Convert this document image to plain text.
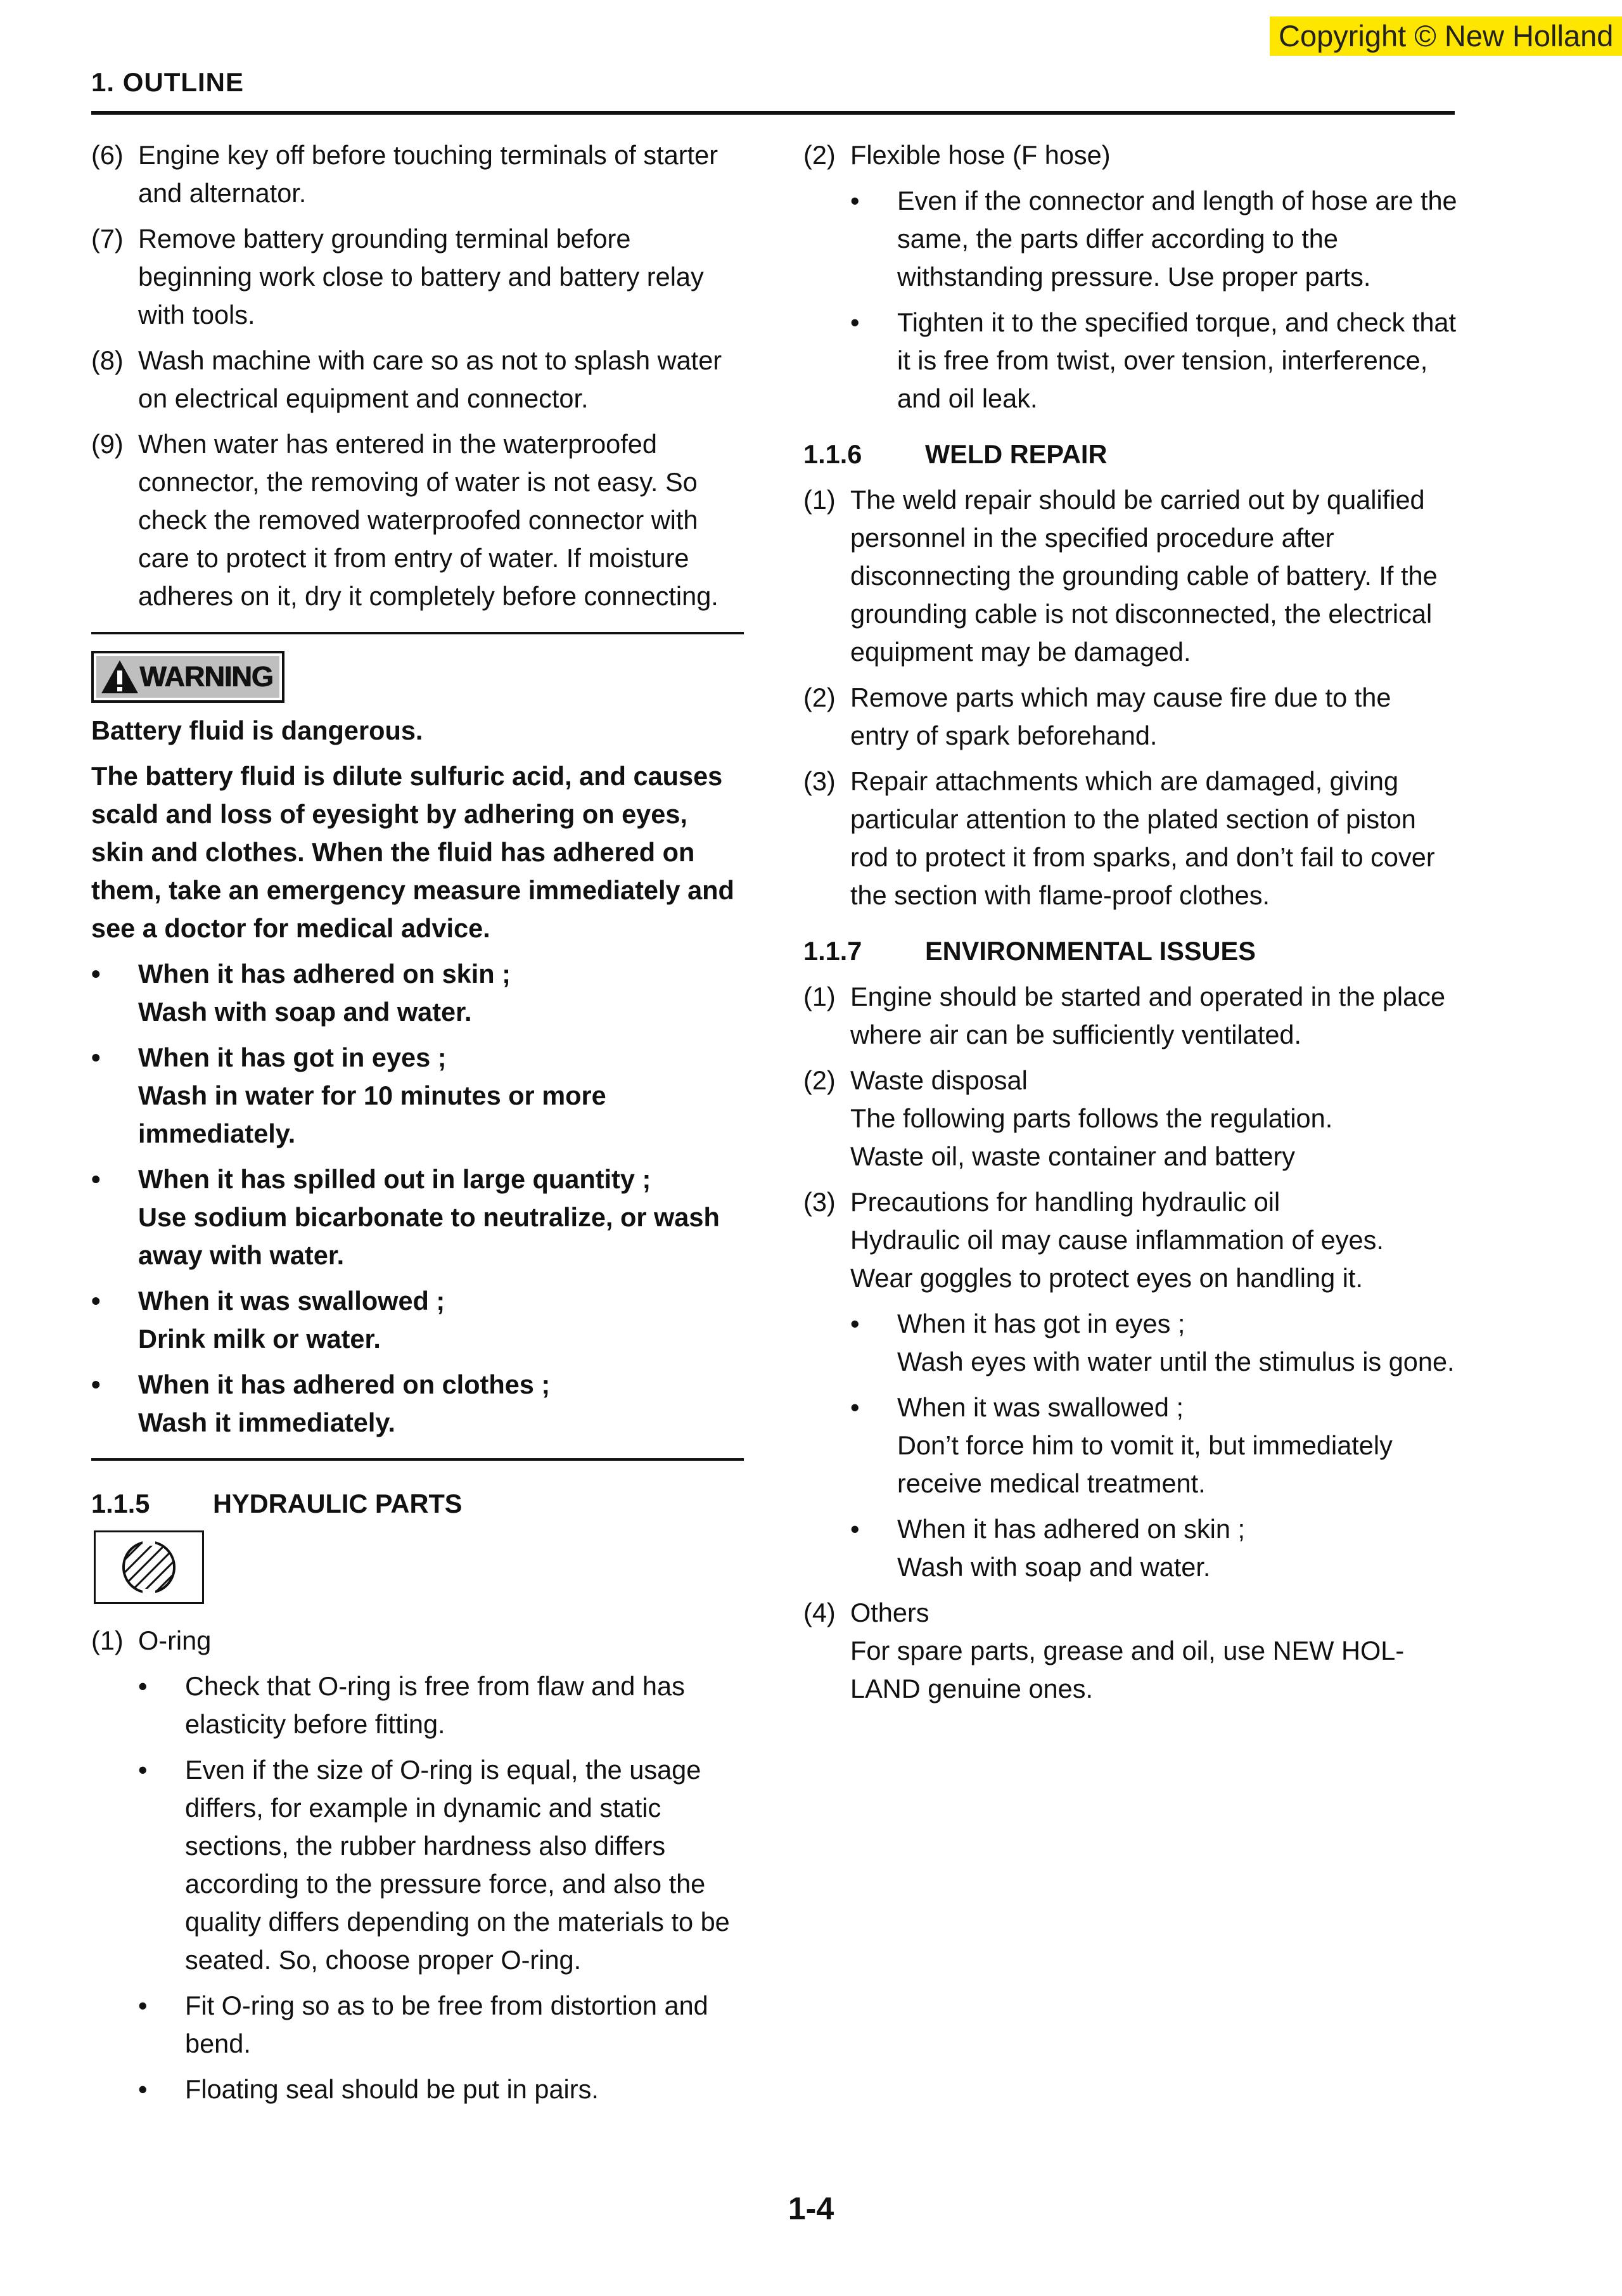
Copyright © New Holland
1. OUTLINE
(6) Engine key off before touching terminals of starter
and alternator.
(7) Remove battery grounding terminal before
beginning work close to battery and battery relay
with tools.
(8) Wash machine with care so as not to splash water
on electrical equipment and connector.
(9) When water has entered in the waterproofed
connector, the removing of water is not easy. So
check the removed waterproofed connector with
care to protect it from entry of water. If moisture
adheres on it, dry it completely before connecting.
WARNING
Battery fluid is dangerous.
The battery fluid is dilute sulfuric acid, and causes
scald and loss of eyesight by adhering on eyes,
skin and clothes. When the fluid has adhered on
them, take an emergency measure immediately and
see a doctor for medical advice.
• When it has adhered on skin ;
Wash with soap and water.
• When it has got in eyes ;
Wash in water for 10 minutes or more
immediately.
• When it has spilled out in large quantity ;
Use sodium bicarbonate to neutralize, or wash
away with water.
• When it was swallowed ;
Drink milk or water.
• When it has adhered on clothes ;
Wash it immediately.
1.1.5 HYDRAULIC PARTS
(1) O-ring
• Check that O-ring is free from flaw and has
elasticity before fitting.
• Even if the size of O-ring is equal, the usage
differs, for example in dynamic and static
sections, the rubber hardness also differs
according to the pressure force, and also the
quality differs depending on the materials to be
seated. So, choose proper O-ring.
• Fit O-ring so as to be free from distortion and
bend.
• Floating seal should be put in pairs.
(2) Flexible hose (F hose)
• Even if the connector and length of hose are the
same, the parts differ according to the
withstanding pressure. Use proper parts.
• Tighten it to the specified torque, and check that
it is free from twist, over tension, interference,
and oil leak.
1.1.6 WELD REPAIR
(1) The weld repair should be carried out by qualified
personnel in the specified procedure after
disconnecting the grounding cable of battery. If the
grounding cable is not disconnected, the electrical
equipment may be damaged.
(2) Remove parts which may cause fire due to the
entry of spark beforehand.
(3) Repair attachments which are damaged, giving
particular attention to the plated section of piston
rod to protect it from sparks, and don’t fail to cover
the section with flame-proof clothes.
1.1.7 ENVIRONMENTAL ISSUES
(1) Engine should be started and operated in the place
where air can be sufficiently ventilated.
(2) Waste disposal
The following parts follows the regulation.
Waste oil, waste container and battery
(3) Precautions for handling hydraulic oil
Hydraulic oil may cause inflammation of eyes.
Wear goggles to protect eyes on handling it.
• When it has got in eyes ;
Wash eyes with water until the stimulus is gone.
• When it was swallowed ;
Don’t force him to vomit it, but immediately
receive medical treatment.
• When it has adhered on skin ;
Wash with soap and water.
(4) Others
For spare parts, grease and oil, use NEW HOL-
LAND genuine ones.
1-4
